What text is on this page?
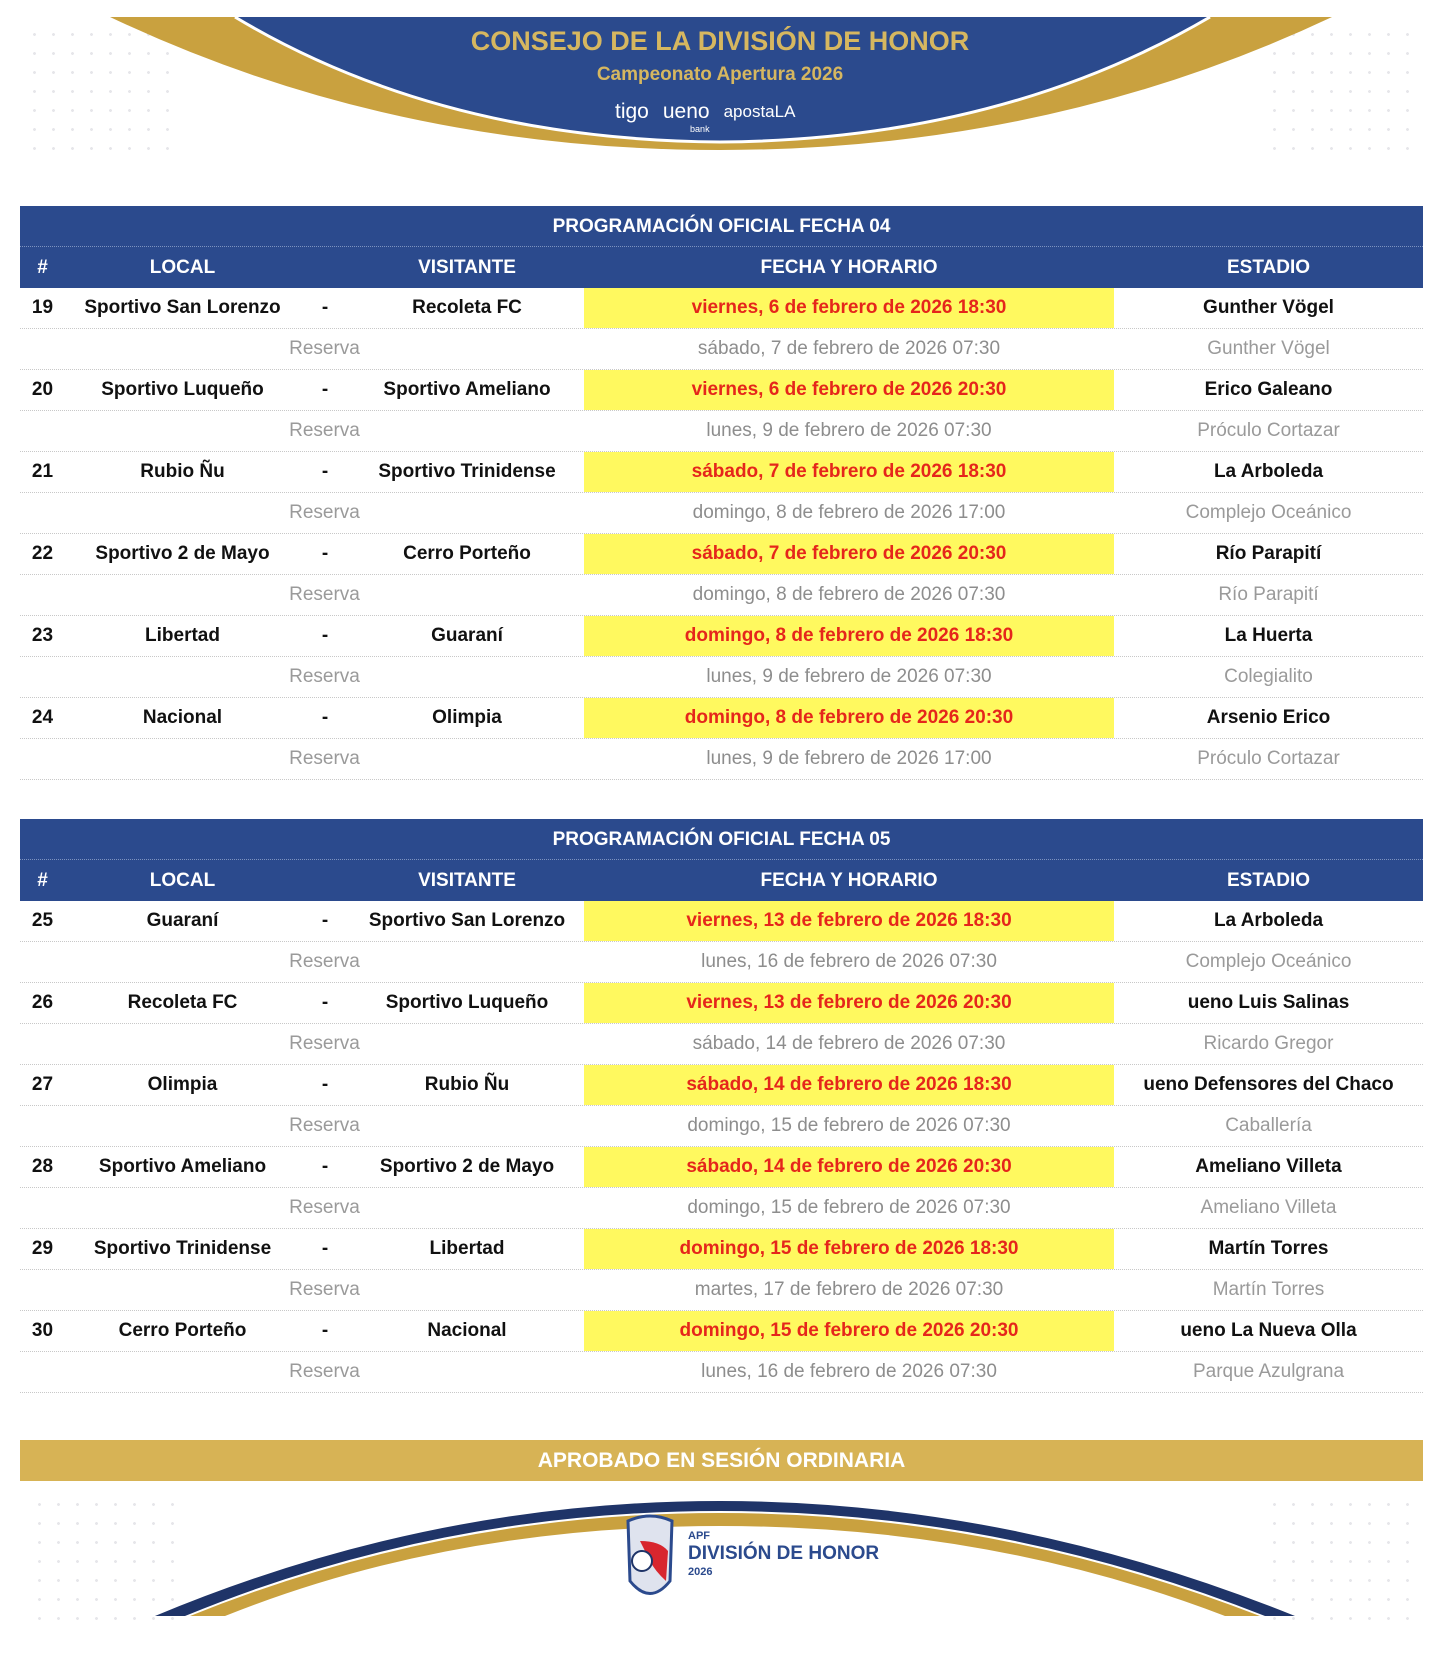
CONSEJO DE LA DIVISIÓN DE HONOR
Campeonato Apertura 2026
tigo ueno
bank
apostaLA
PROGRAMACIÓN OFICIAL FECHA 04
#	LOCAL	VISITANTE	FECHA Y HORARIO	ESTADIO
19	Sportivo San Lorenzo	-	Recoleta FC	viernes, 6 de febrero de 2026 18:30	Gunther Vögel
Reserva	sábado, 7 de febrero de 2026 07:30	Gunther Vögel
20	Sportivo Luqueño	-	Sportivo Ameliano	viernes, 6 de febrero de 2026 20:30	Erico Galeano
Reserva	lunes, 9 de febrero de 2026 07:30	Próculo Cortazar
21	Rubio Ñu	-	Sportivo Trinidense	sábado, 7 de febrero de 2026 18:30	La Arboleda
Reserva	domingo, 8 de febrero de 2026 17:00	Complejo Oceánico
22	Sportivo 2 de Mayo	-	Cerro Porteño	sábado, 7 de febrero de 2026 20:30	Río Parapití
Reserva	domingo, 8 de febrero de 2026 07:30	Río Parapití
23	Libertad	-	Guaraní	domingo, 8 de febrero de 2026 18:30	La Huerta
Reserva	lunes, 9 de febrero de 2026 07:30	Colegialito
24	Nacional	-	Olimpia	domingo, 8 de febrero de 2026 20:30	Arsenio Erico
Reserva	lunes, 9 de febrero de 2026 17:00	Próculo Cortazar
PROGRAMACIÓN OFICIAL FECHA 05
#	LOCAL	VISITANTE	FECHA Y HORARIO	ESTADIO
25	Guaraní	-	Sportivo San Lorenzo	viernes, 13 de febrero de 2026 18:30	La Arboleda
Reserva	lunes, 16 de febrero de 2026 07:30	Complejo Oceánico
26	Recoleta FC	-	Sportivo Luqueño	viernes, 13 de febrero de 2026 20:30	ueno Luis Salinas
Reserva	sábado, 14 de febrero de 2026 07:30	Ricardo Gregor
27	Olimpia	-	Rubio Ñu	sábado, 14 de febrero de 2026 18:30	ueno Defensores del Chaco
Reserva	domingo, 15 de febrero de 2026 07:30	Caballería
28	Sportivo Ameliano	-	Sportivo 2 de Mayo	sábado, 14 de febrero de 2026 20:30	Ameliano Villeta
Reserva	domingo, 15 de febrero de 2026 07:30	Ameliano Villeta
29	Sportivo Trinidense	-	Libertad	domingo, 15 de febrero de 2026 18:30	Martín Torres
Reserva	martes, 17 de febrero de 2026 07:30	Martín Torres
30	Cerro Porteño	-	Nacional	domingo, 15 de febrero de 2026 20:30	ueno La Nueva Olla
Reserva	lunes, 16 de febrero de 2026 07:30	Parque Azulgrana
APROBADO EN SESIÓN ORDINARIA
APF
DIVISIÓN DE HONOR
2026
